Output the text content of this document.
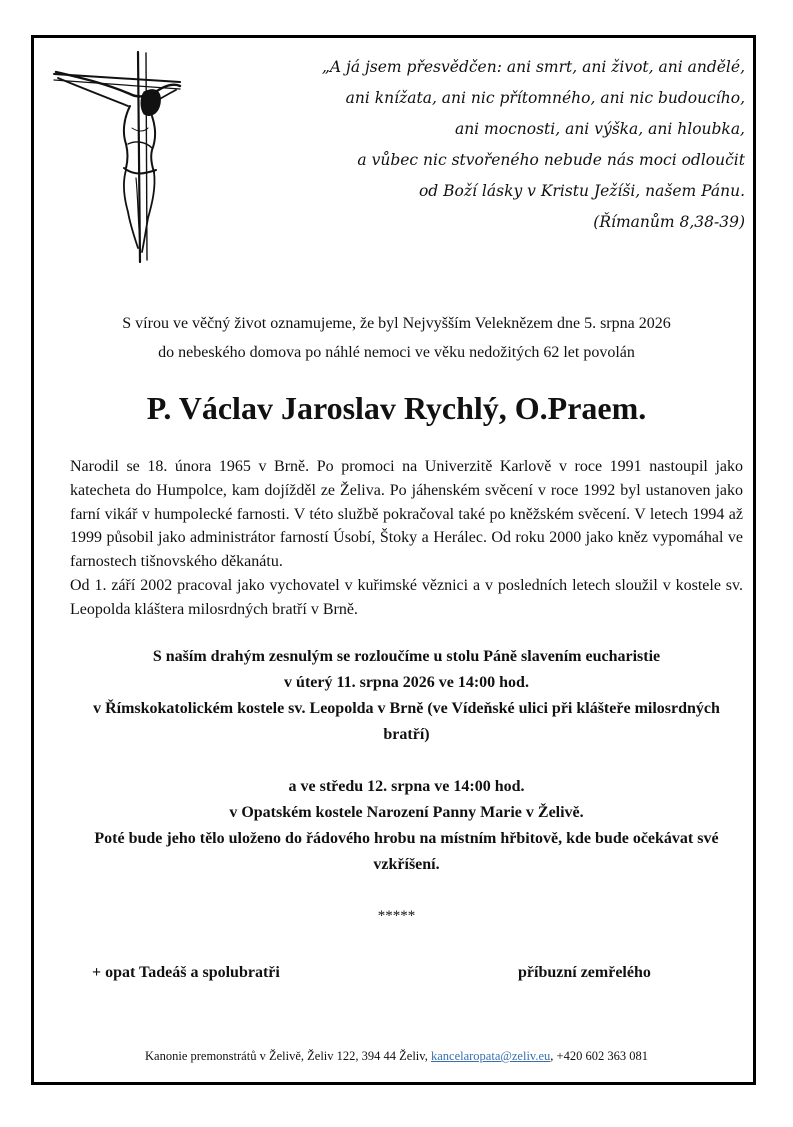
„A já jsem přesvědčen: ani smrt, ani život, ani andělé,
ani knížata, ani nic přítomného, ani nic budoucího,
ani mocnosti, ani výška, ani hloubka,
a vůbec nic stvořeného nebude nás moci odloučit
od Boží lásky v Kristu Ježíši, našem Pánu.
(Římanům 8,38-39)
S vírou ve věčný život oznamujeme, že byl Nejvyšším Veleknězem dne 5. srpna 2026
do nebeského domova po náhlé nemoci ve věku nedožitých 62 let povolán
P. Václav Jaroslav Rychlý, O.Praem.

Narodil se 18. února 1965 v Brně. Po promoci na Univerzitě Karlově v roce 1991 nastoupil jako katecheta do Humpolce, kam dojížděl ze Želiva. Po jáhenském svěcení v roce 1992 byl ustanoven jako farní vikář v humpolecké farnosti. V této službě pokračoval také po kněžském svěcení. V letech 1994 až 1999 působil jako administrátor farností Úsobí, Štoky a Herálec. Od roku 2000 jako kněz vypomáhal ve farnostech tišnovského děkanátu.

Od 1. září 2002 pracoval jako vychovatel v kuřimské věznici a v posledních letech sloužil v kostele sv. Leopolda kláštera milosrdných bratří v Brně.

S naším drahým zesnulým se rozloučíme u stolu Páně slavením eucharistie
v úterý 11. srpna 2026 ve 14:00 hod.
v Římskokatolickém kostele sv. Leopolda v Brně (ve Vídeňské ulici při klášteře milosrdných bratří)
a ve středu 12. srpna ve 14:00 hod.
v Opatském kostele Narození Panny Marie v Želivě.
Poté bude jeho tělo uloženo do řádového hrobu na místním hřbitově, kde bude očekávat své vzkříšení.
*****
+ opat Tadeáš a spolubratři	příbuzní zemřelého
Kanonie premonstrátů v Želivě, Želiv 122, 394 44 Želiv, kancelaropata@zeliv.eu, +420 602 363 081
